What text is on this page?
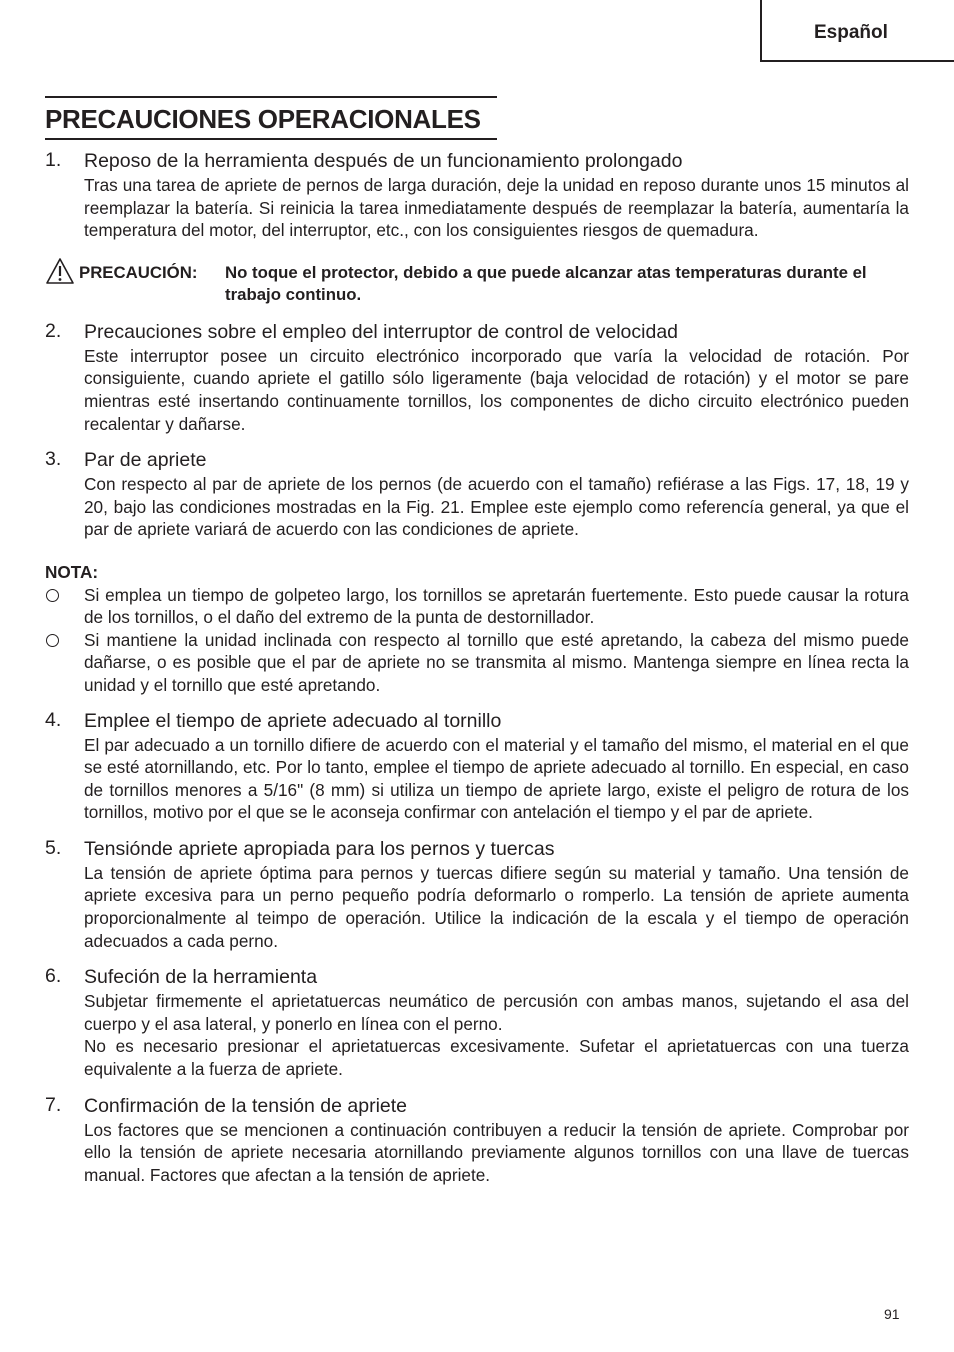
Español
PRECAUCIONES OPERACIONALES
1. Reposo de la herramienta después de un funcionamiento prolongado
Tras una tarea de apriete de pernos de larga duración, deje la unidad en reposo durante unos 15 minutos al reemplazar la batería. Si reinicia la tarea inmediatamente después de reemplazar la batería, aumentaría la temperatura del motor, del interruptor, etc., con los consiguientes riesgos de quemadura.
PRECAUCIÓN: No toque el protector, debido a que puede alcanzar atas temperaturas durante el trabajo continuo.
2. Precauciones sobre el empleo del interruptor de control de velocidad
Este interruptor posee un circuito electrónico incorporado que varía la velocidad de rotación. Por consiguiente, cuando apriete el gatillo sólo ligeramente (baja velocidad de rotación) y el motor se pare mientras esté insertando continuamente tornillos, los componentes de dicho circuito electrónico pueden recalentar y dañarse.
3. Par de apriete
Con respecto al par de apriete de los pernos (de acuerdo con el tamaño) refiérase a las Figs. 17, 18, 19 y 20, bajo las condiciones mostradas en la Fig. 21. Emplee este ejemplo como referencía general, ya que el par de apriete variará de acuerdo con las condiciones de apriete.
NOTA:
Si emplea un tiempo de golpeteo largo, los tornillos se apretarán fuertemente. Esto puede causar la rotura de los tornillos, o el daño del extremo de la punta de destornillador.
Si mantiene la unidad inclinada con respecto al tornillo que esté apretando, la cabeza del mismo puede dañarse, o es posible que el par de apriete no se transmita al mismo. Mantenga siempre en línea recta la unidad y el tornillo que esté apretando.
4. Emplee el tiempo de apriete adecuado al tornillo
El par adecuado a un tornillo difiere de acuerdo con el material y el tamaño del mismo, el material en el que se esté atornillando, etc. Por lo tanto, emplee el tiempo de apriete adecuado al tornillo. En especial, en caso de tornillos menores a 5/16" (8 mm) si utiliza un tiempo de apriete largo, existe el peligro de rotura de los tornillos, motivo por el que se le aconseja confirmar con antelación el tiempo y el par de apriete.
5. Tensiónde apriete apropiada para los pernos y tuercas
La tensión de apriete óptima para pernos y tuercas difiere según su material y tamaño. Una tensión de apriete excesiva para un perno pequeño podría deformarlo o romperlo. La tensión de apriete aumenta proporcionalmente al teimpo de operación. Utilice la indicación de la escala y el tiempo de operación adecuados a cada perno.
6. Sufeción de la herramienta
Subjetar firmemente el aprietatuercas neumático de percusión con ambas manos, sujetando el asa del cuerpo y el asa lateral, y ponerlo en línea con el perno.
No es necesario presionar el aprietatuercas excesivamente. Sufetar el aprietatuercas con una tuerza equivalente a la fuerza de apriete.
7. Confirmación de la tensión de apriete
Los factores que se mencionen a continuación contribuyen a reducir la tensión de apriete. Comprobar por ello la tensión de apriete necesaria atornillando previamente algunos tornillos con una llave de tuercas manual. Factores que afectan a la tensión de apriete.
91
